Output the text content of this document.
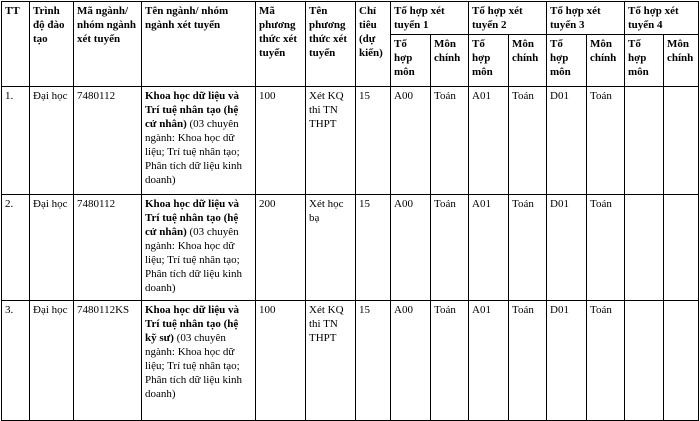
TT	Trình độ đào tạo	Mã ngành/ nhóm ngành xét tuyển	Tên ngành/ nhóm ngành xét tuyển	Mã phương thức xét tuyển	Tên phương thức xét tuyển	Chỉ tiêu (dự kiến)	Tổ hợp xét tuyển 1		Tổ hợp xét tuyển 2		Tổ hợp xét tuyển 3		Tổ hợp xét tuyển 4	
							Tổ hợp môn	Môn chính	Tổ hợp môn	Môn chính	Tổ hợp môn	Môn chính	Tổ hợp môn	Môn chính
1.	Đại học	7480112	Khoa học dữ liệu và Trí tuệ nhân tạo (hệ cử nhân) (03 chuyên ngành: Khoa học dữ liệu; Trí tuệ nhân tạo; Phân tích dữ liệu kinh doanh)	100	Xét KQ thi TN THPT	15	A00	Toán	A01	Toán	D01	Toán		
2.	Đại học	7480112	Khoa học dữ liệu và Trí tuệ nhân tạo (hệ cử nhân) (03 chuyên ngành: Khoa học dữ liệu; Trí tuệ nhân tạo; Phân tích dữ liệu kinh doanh)	200	Xét học bạ	15	A00	Toán	A01	Toán	D01	Toán		
3.	Đại học	7480112KS	Khoa học dữ liệu và Trí tuệ nhân tạo (hệ kỹ sư) (03 chuyên ngành: Khoa học dữ liệu; Trí tuệ nhân tạo; Phân tích dữ liệu kinh doanh)	100	Xét KQ thi TN THPT	15	A00	Toán	A01	Toán	D01	Toán		
